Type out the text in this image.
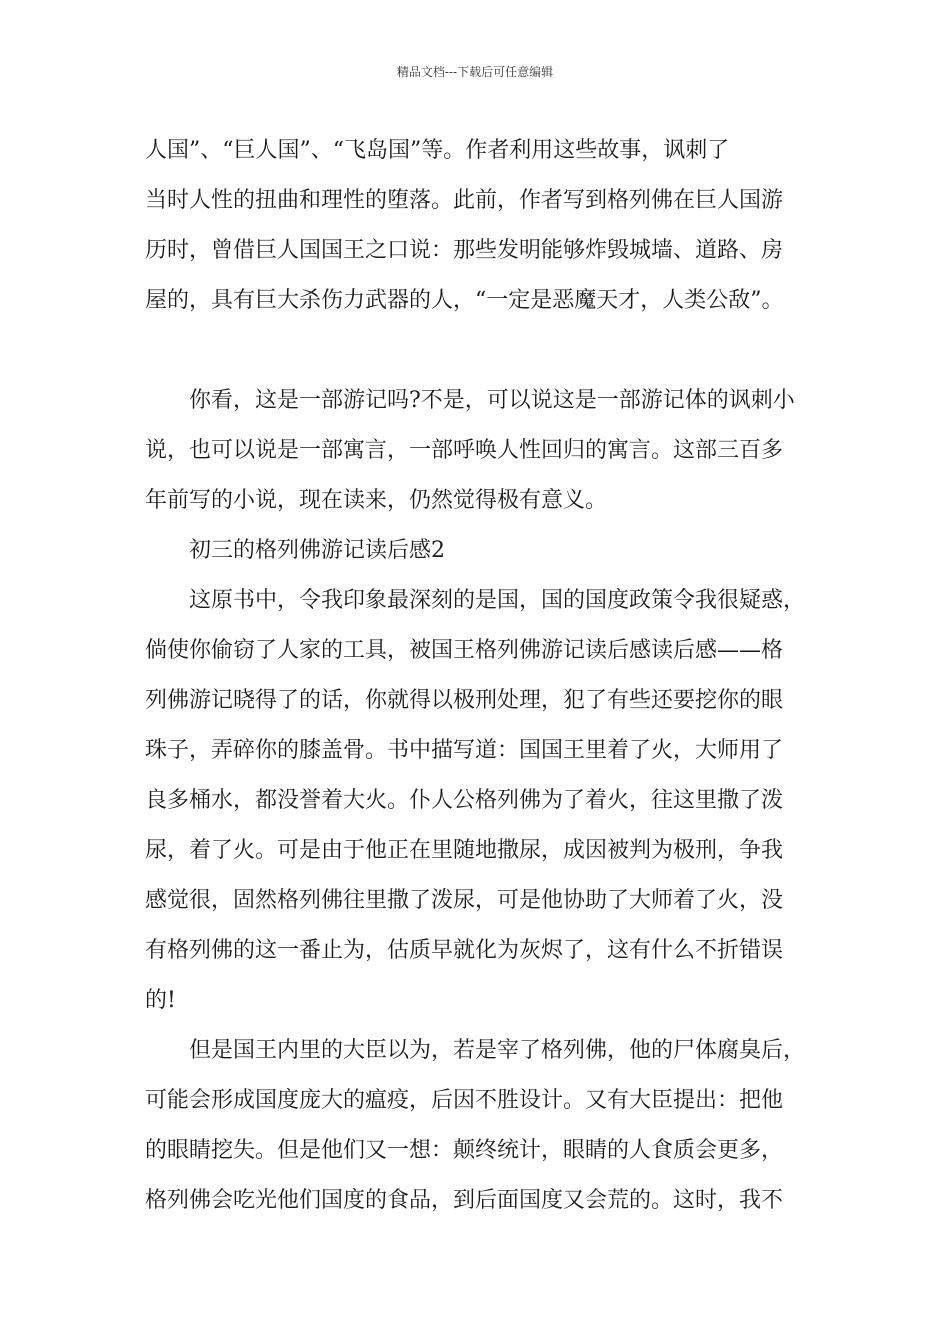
精品文档---下载后可任意编辑
人国”、“巨人国”、“飞岛国”等。作者利用这些故事，讽刺了
当时人性的扭曲和理性的堕落。此前，作者写到格列佛在巨人国游
历时，曾借巨人国国王之口说：那些发明能够炸毁城墙、道路、房
屋的，具有巨大杀伤力武器的人，“一定是恶魔天才，人类公敌”。
你看，这是一部游记吗?不是，可以说这是一部游记体的讽刺小
说，也可以说是一部寓言，一部呼唤人性回归的寓言。这部三百多
年前写的小说，现在读来，仍然觉得极有意义。
初三的格列佛游记读后感2
这原书中，令我印象最深刻的是国，国的国度政策令我很疑惑，
倘使你偷窃了人家的工具，被国王格列佛游记读后感读后感——格
列佛游记晓得了的话，你就得以极刑处理，犯了有些还要挖你的眼
珠子，弄碎你的膝盖骨。书中描写道：国国王里着了火，大师用了
良多桶水，都没誉着大火。仆人公格列佛为了着火，往这里撒了泼
尿，着了火。可是由于他正在里随地撒尿，成因被判为极刑，争我
感觉很，固然格列佛往里撒了泼尿，可是他协助了大师着了火，没
有格列佛的这一番止为，估质早就化为灰烬了，这有什么不折错误
的!
但是国王内里的大臣以为，若是宰了格列佛，他的尸体腐臭后，
可能会形成国度庞大的瘟疫，后因不胜设计。又有大臣提出：把他
的眼睛挖失。但是他们又一想：颠终统计，眼睛的人食质会更多，
格列佛会吃光他们国度的食品，到后面国度又会荒的。这时，我不
